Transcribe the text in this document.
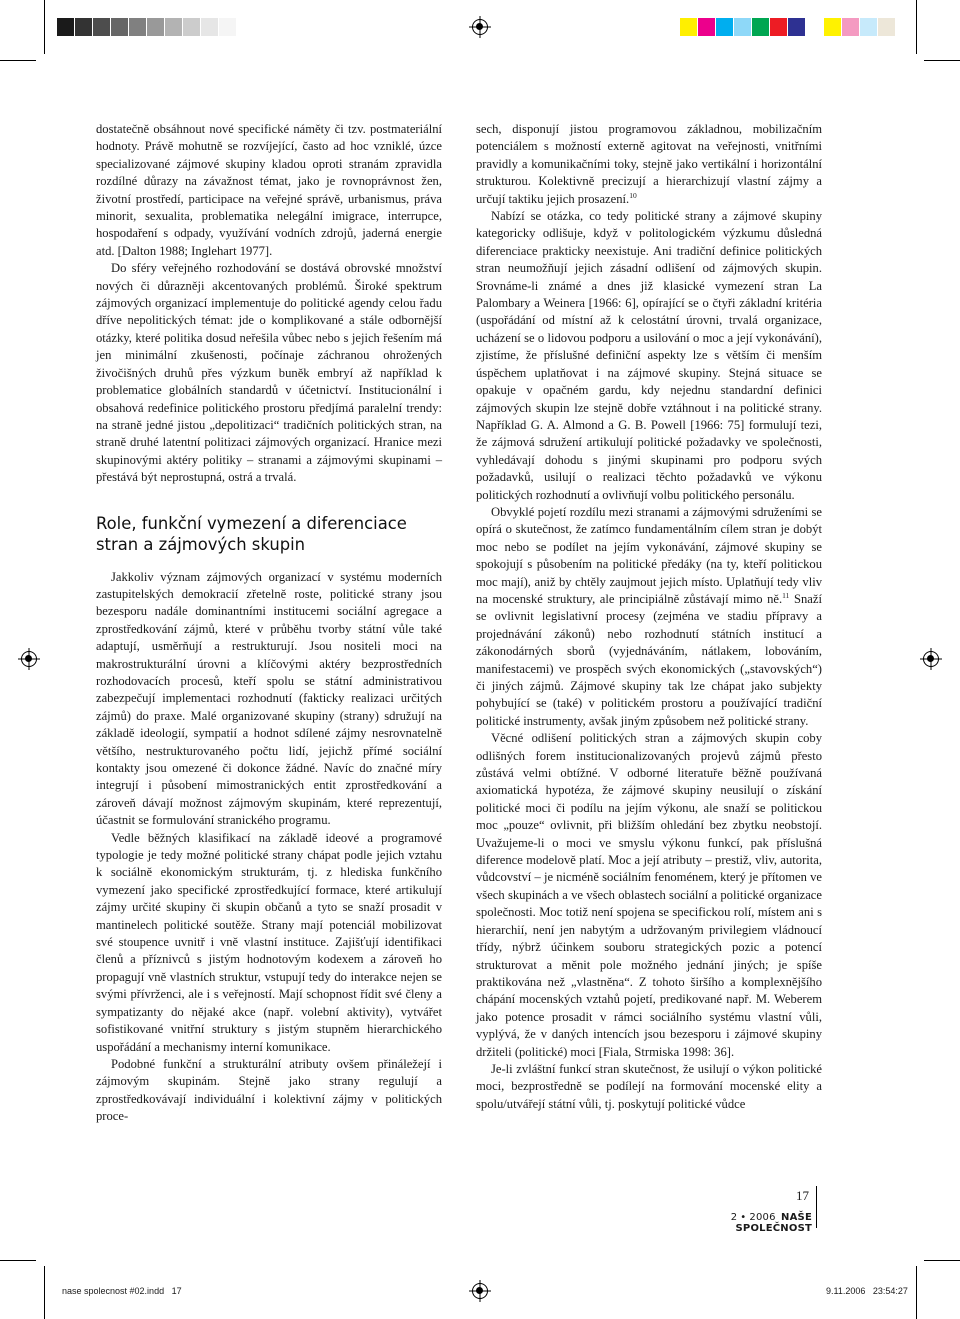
dostatečně obsáhnout nové specifické náměty či tzv. postmateriální hodnoty. Právě mohutně se rozvíjející, často ad hoc vzniklé, úzce specializované zájmové skupiny kladou oproti stranám zpravidla rozdílné důrazy na závažnost témat, jako je rovnoprávnost žen, životní prostředí, participace na veřejné správě, urbanismus, práva minorit, sexualita, problematika nelegální imigrace, interrupce, hospodaření s odpady, využívání vodních zdrojů, jaderná energie atd. [Dalton 1988; Inglehart 1977].

Do sféry veřejného rozhodování se dostává obrovské množství nových či důrazněji akcentovaných problémů. Široké spektrum zájmových organizací implementuje do politické agendy celou řadu dříve nepolitických témat: jde o komplikované a stále odbornější otázky, které politika dosud neřešila vůbec nebo s jejich řešením má jen minimální zkušenosti, počínaje záchranou ohrožených živočišných druhů přes výzkum buněk embryí až například k problematice globálních standardů v účetnictví. Institucionální i obsahová redefinice politického prostoru předjímá paralelní trendy: na straně jedné jistou „depolitizaci“ tradičních politických stran, na straně druhé latentní politizaci zájmových organizací. Hranice mezi skupinovými aktéry politiky – stranami a zájmovými skupinami – přestává být neprostupná, ostrá a trvalá.

Role, funkční vymezení a diferenciace stran a zájmových skupin

Jakkoliv význam zájmových organizací v systému moderních zastupitelských demokracií zřetelně roste, politické strany jsou bezesporu nadále dominantními institucemi sociální agregace a zprostředkování zájmů, které v průběhu tvorby státní vůle také adaptují, usměrňují a restrukturují. Jsou nositeli moci na makrostrukturální úrovni a klíčovými aktéry bezprostředních rozhodovacích procesů, kteří spolu se státní administrativou zabezpečují implementaci rozhodnutí (fakticky realizaci určitých zájmů) do praxe. Malé organizované skupiny (strany) sdružují na základě ideologií, sympatií a hodnot sdílené zájmy nesrovnatelně většího, nestrukturovaného počtu lidí, jejichž přímé sociální kontakty jsou omezené či dokonce žádné. Navíc do značné míry integrují i působení mimostranických entit zprostředkování a zároveň dávají možnost zájmovým skupinám, které reprezentují, účastnit se formulování stranického programu.

Vedle běžných klasifikací na základě ideové a programové typologie je tedy možné politické strany chápat podle jejich vztahu k sociálně ekonomickým strukturám, tj. z hlediska funkčního vymezení jako specifické zprostředkující formace, které artikulují zájmy určité skupiny či skupin občanů a tyto se snaží prosadit v mantinelech politické soutěže. Strany mají potenciál mobilizovat své stoupence uvnitř i vně vlastní instituce. Zajišťují identifikaci členů a příznivců s jistým hodnotovým kodexem a zároveň ho propagují vně vlastních struktur, vstupují tedy do interakce nejen se svými přívrženci, ale i s veřejností. Mají schopnost řídit své členy a sympatizanty do nějaké akce (např. volební aktivity), vytvářet sofistikované vnitřní struktury s jistým stupněm hierarchického uspořádání a mechanismy interní komunikace.

Podobné funkční a strukturální atributy ovšem přináležejí i zájmovým skupinám. Stejně jako strany regulují a zprostředkovávají individuální i kolektivní zájmy v politických proce-

sech, disponují jistou programovou základnou, mobilizačním potenciálem s možností externě agitovat na veřejnosti, vnitřními pravidly a komunikačními toky, stejně jako vertikální i horizontální strukturou. Kolektivně precizují a hierarchizují vlastní zájmy a určují taktiku jejich prosazení.$^{10}$

Nabízí se otázka, co tedy politické strany a zájmové skupiny kategoricky odlišuje, když v politologickém výzkumu důsledná diferenciace prakticky neexistuje. Ani tradiční definice politických stran neumožňují jejich zásadní odlišení od zájmových skupin. Srovnáme-li známé a dnes již klasické vymezení stran La Palombary a Weinera [1966: 6], opírající se o čtyři základní kritéria (uspořádání od místní až k celostátní úrovni, trvalá organizace, ucházení se o lidovou podporu a usilování o moc a její vykonávání), zjistíme, že příslušné definiční aspekty lze s větším či menším úspěchem uplatňovat i na zájmové skupiny. Stejná situace se opakuje v opačném gardu, kdy nejednu standardní definici zájmových skupin lze stejně dobře vztáhnout i na politické strany. Například G. A. Almond a G. B. Powell [1966: 75] formulují tezi, že zájmová sdružení artikulují politické požadavky ve společnosti, vyhledávají dohodu s jinými skupinami pro podporu svých požadavků, usilují o realizaci těchto požadavků ve výkonu politických rozhodnutí a ovlivňují volbu politického personálu.

Obvyklé pojetí rozdílu mezi stranami a zájmovými sdruženími se opírá o skutečnost, že zatímco fundamentálním cílem stran je dobýt moc nebo se podílet na jejím vykonávání, zájmové skupiny se spokojují s působením na politické předáky (na ty, kteří politickou moc mají), aniž by chtěly zaujmout jejich místo. Uplatňují tedy vliv na mocenské struktury, ale principiálně zůstávají mimo ně.$^{11}$ Snaží se ovlivnit legislativní procesy (zejména ve stadiu přípravy a projednávání zákonů) nebo rozhodnutí státních institucí a zákonodárných sborů (vyjednáváním, nátlakem, lobováním, manifestacemi) ve prospěch svých ekonomických („stavovských“) či jiných zájmů. Zájmové skupiny tak lze chápat jako subjekty pohybující se (také) v politickém prostoru a používající tradiční politické instrumenty, avšak jiným způsobem než politické strany.

Věcné odlišení politických stran a zájmových skupin coby odlišných forem institucionalizovaných projevů zájmů přesto zůstává velmi obtížné. V odborné literatuře běžně používaná axiomatická hypotéza, že zájmové skupiny neusilují o získání politické moci či podílu na jejím výkonu, ale snaží se politickou moc „pouze“ ovlivnit, při bližším ohledání bez zbytku neobstojí. Uvažujeme-li o moci ve smyslu výkonu funkcí, pak příslušná diference modelově platí. Moc a její atributy – prestiž, vliv, autorita, vůdcovství – je nicméně sociálním fenoménem, který je přítomen ve všech skupinách a ve všech oblastech sociální a politické organizace společnosti. Moc totiž není spojena se specifickou rolí, místem ani s hierarchií, není jen nabytým a udržovaným privilegiem vládnoucí třídy, nýbrž účinkem souboru strategických pozic a potencí strukturovat a měnit pole možného jednání jiných; je spíše praktikována než „vlastněna“. Z tohoto širšího a komplexnějšího chápání mocenských vztahů pojetí, predikované např. M. Weberem jako potence prosadit v rámci sociálního systému vlastní vůli, vyplývá, že v daných intencích jsou bezesporu i zájmové skupiny držiteli (politické) moci [Fiala, Strmiska 1998: 36].

Je-li zvláštní funkcí stran skutečnost, že usilují o výkon politické moci, bezprostředně se podílejí na formování mocenské elity a spolu/utvářejí státní vůli, tj. poskytují politické vůdce

17
2 • 2006 NAŠE SPOLEČNOST
nase spolecnost #02.indd   17	9.11.2006   23:54:27
